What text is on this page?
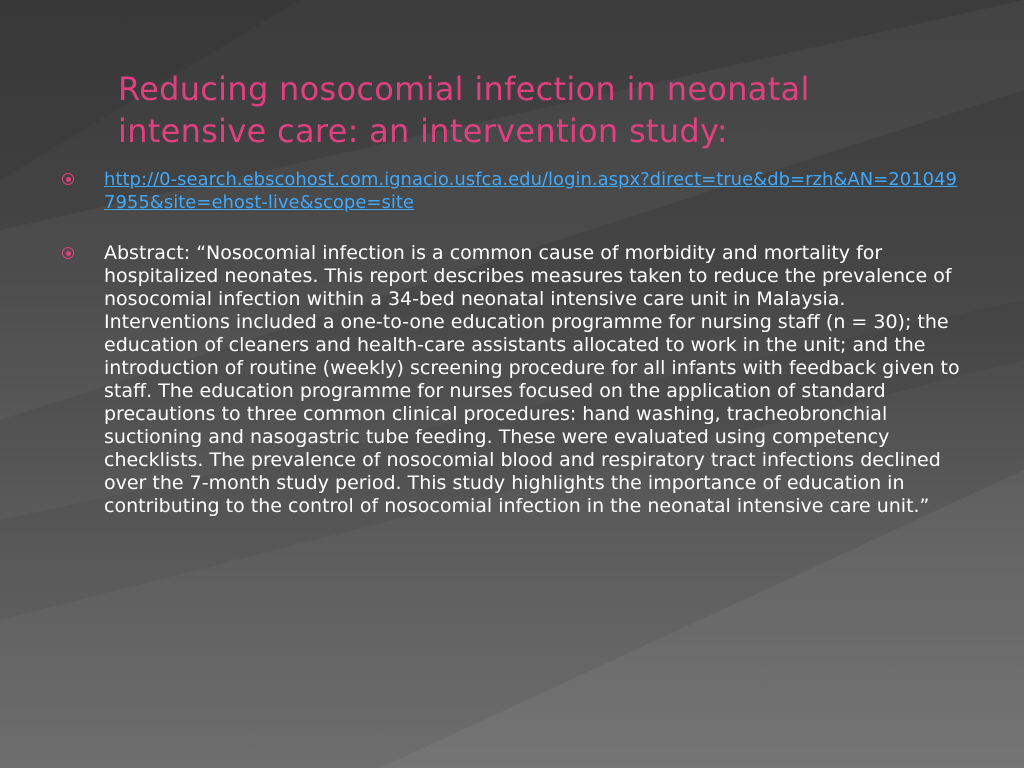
Reducing nosocomial infection in neonatal
intensive care: an intervention study:
http://0-search.ebscohost.com.ignacio.usfca.edu/login.aspx?direct=true&db=rzh&AN=2010497955&site=ehost-live&scope=site
Abstract: “Nosocomial infection is a common cause of morbidity and mortality for hospitalized neonates. This report describes measures taken to reduce the prevalence of nosocomial infection within a 34-bed neonatal intensive care unit in Malaysia. Interventions included a one-to-one education programme for nursing staff (n = 30); the education of cleaners and health-care assistants allocated to work in the unit; and the introduction of routine (weekly) screening procedure for all infants with feedback given to staff. The education programme for nurses focused on the application of standard precautions to three common clinical procedures: hand washing, tracheobronchial suctioning and nasogastric tube feeding. These were evaluated using competency checklists. The prevalence of nosocomial blood and respiratory tract infections declined over the 7-month study period. This study highlights the importance of education in contributing to the control of nosocomial infection in the neonatal intensive care unit.”
